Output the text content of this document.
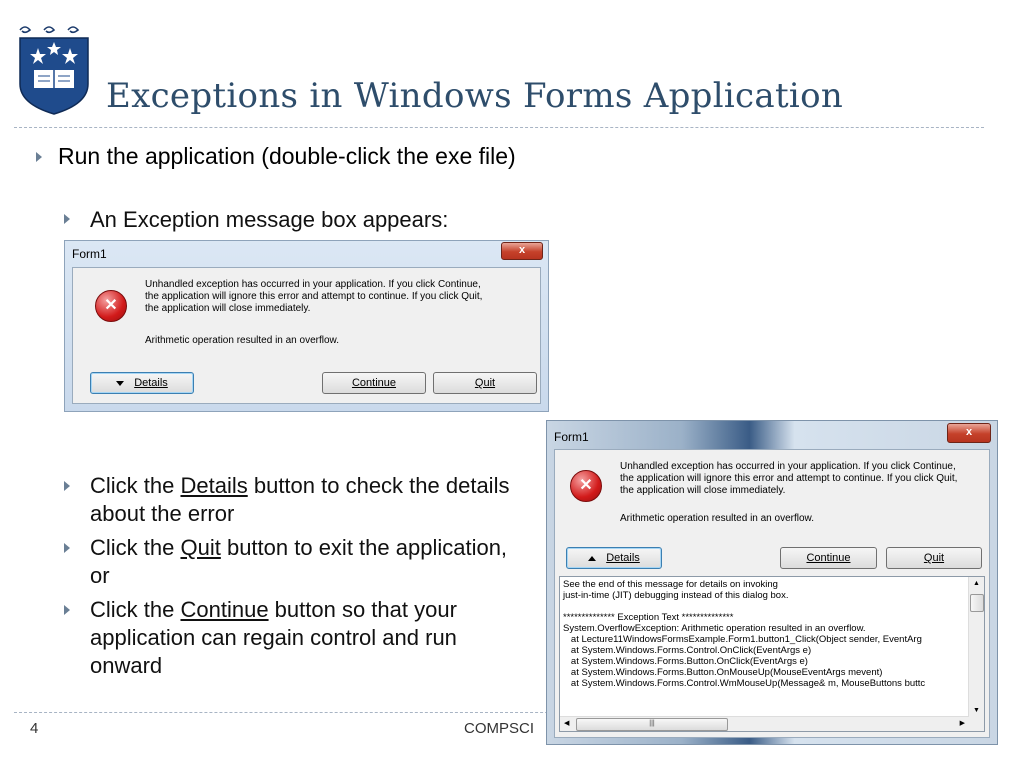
Exceptions in Windows Forms Application
Run the application (double-click the exe file)
An Exception message box appears:
Form1	x
✕
Unhandled exception has occurred in your application. If you click Continue, the application will ignore this error and attempt to continue. If you click Quit, the application will close immediately.
Arithmetic operation resulted in an overflow.
Details	Continue	Quit
Click the Details button to check the details about the error
Click the Quit button to exit the application, or
Click the Continue button so that your application can regain control and run onward
4	COMPSCI
Form1	x
✕
Unhandled exception has occurred in your application. If you click Continue, the application will ignore this error and attempt to continue. If you click Quit, the application will close immediately.
Arithmetic operation resulted in an overflow.
Details	Continue	Quit
See the end of this message for details on invoking
just-in-time (JIT) debugging instead of this dialog box.

************** Exception Text **************
System.OverflowException: Arithmetic operation resulted in an overflow.
at Lecture11WindowsFormsExample.Form1.button1_Click(Object sender, EventArg
at System.Windows.Forms.Control.OnClick(EventArgs e)
at System.Windows.Forms.Button.OnClick(EventArgs e)
at System.Windows.Forms.Button.OnMouseUp(MouseEventArgs mevent)
at System.Windows.Forms.Control.WmMouseUp(Message& m, MouseButtons buttc
▲
▼
◀	|||	▶
